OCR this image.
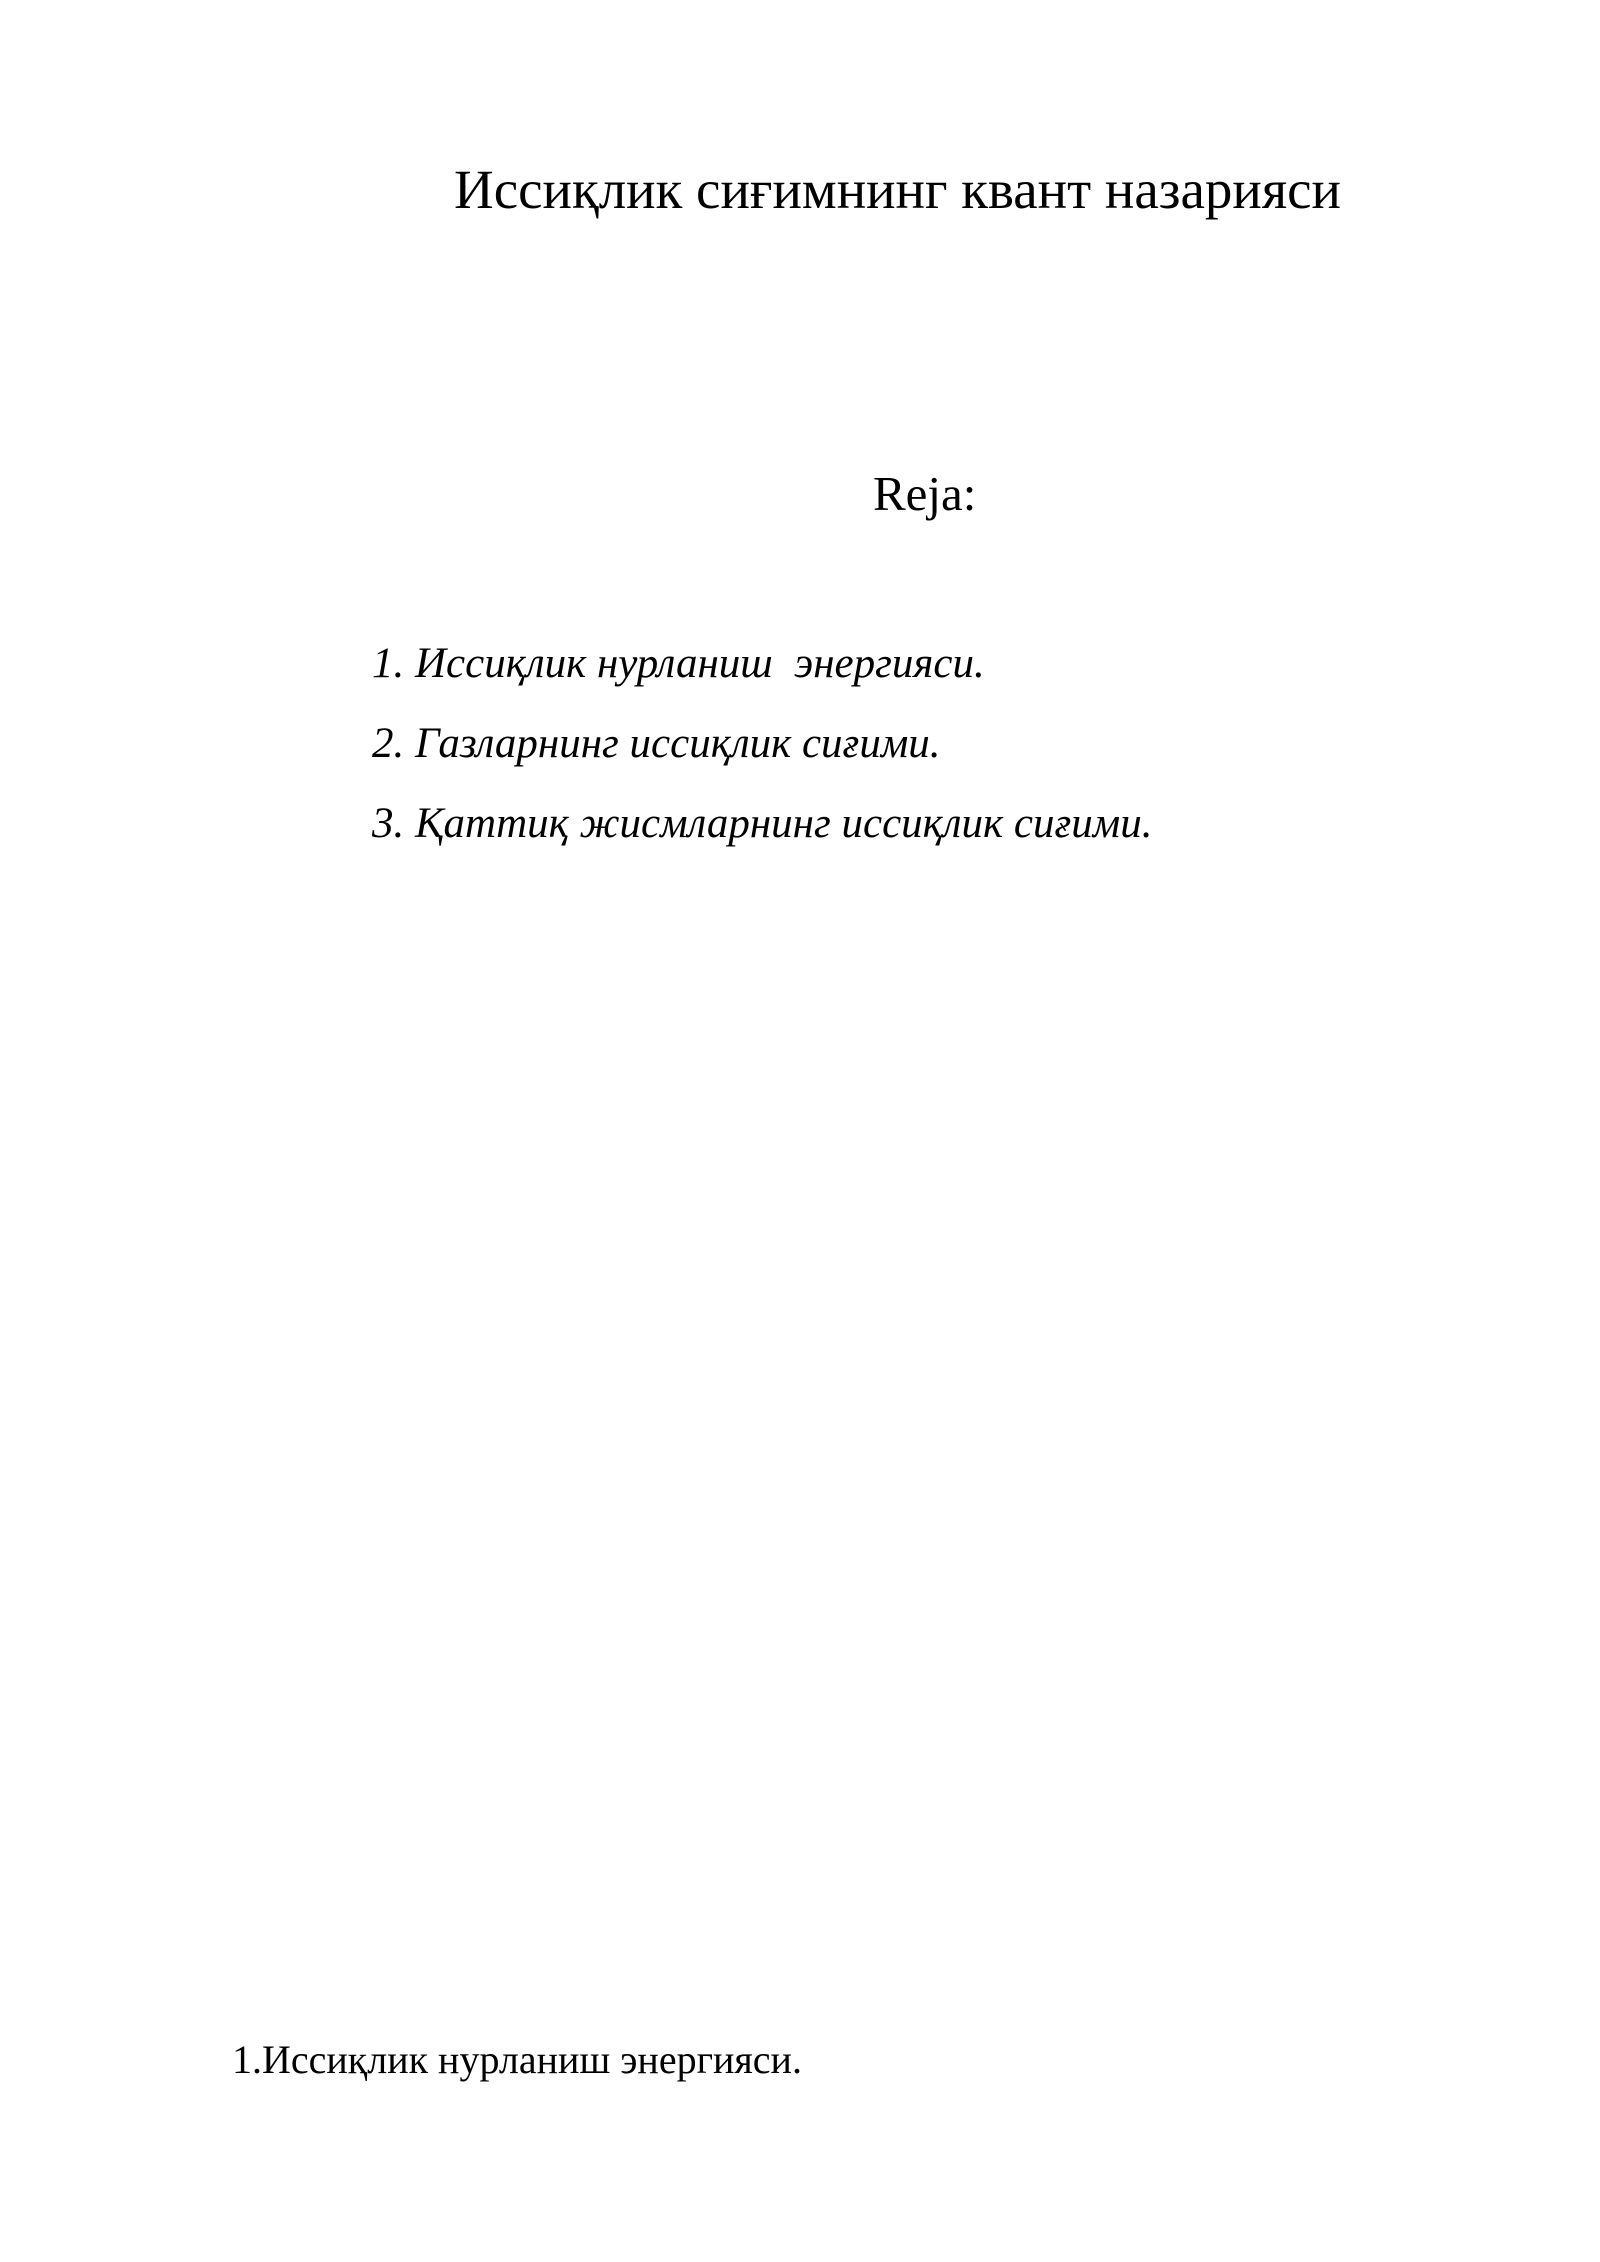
Иссиқлик сиғимнинг квант назарияси
Reja:
1. Иссиқлик нурланиш  энергияси.
2. Газларнинг иссиқлик сиғими.
3. Қаттиқ жисмларнинг иссиқлик сиғими.
1.Иссиқлик нурланиш энергияси.
